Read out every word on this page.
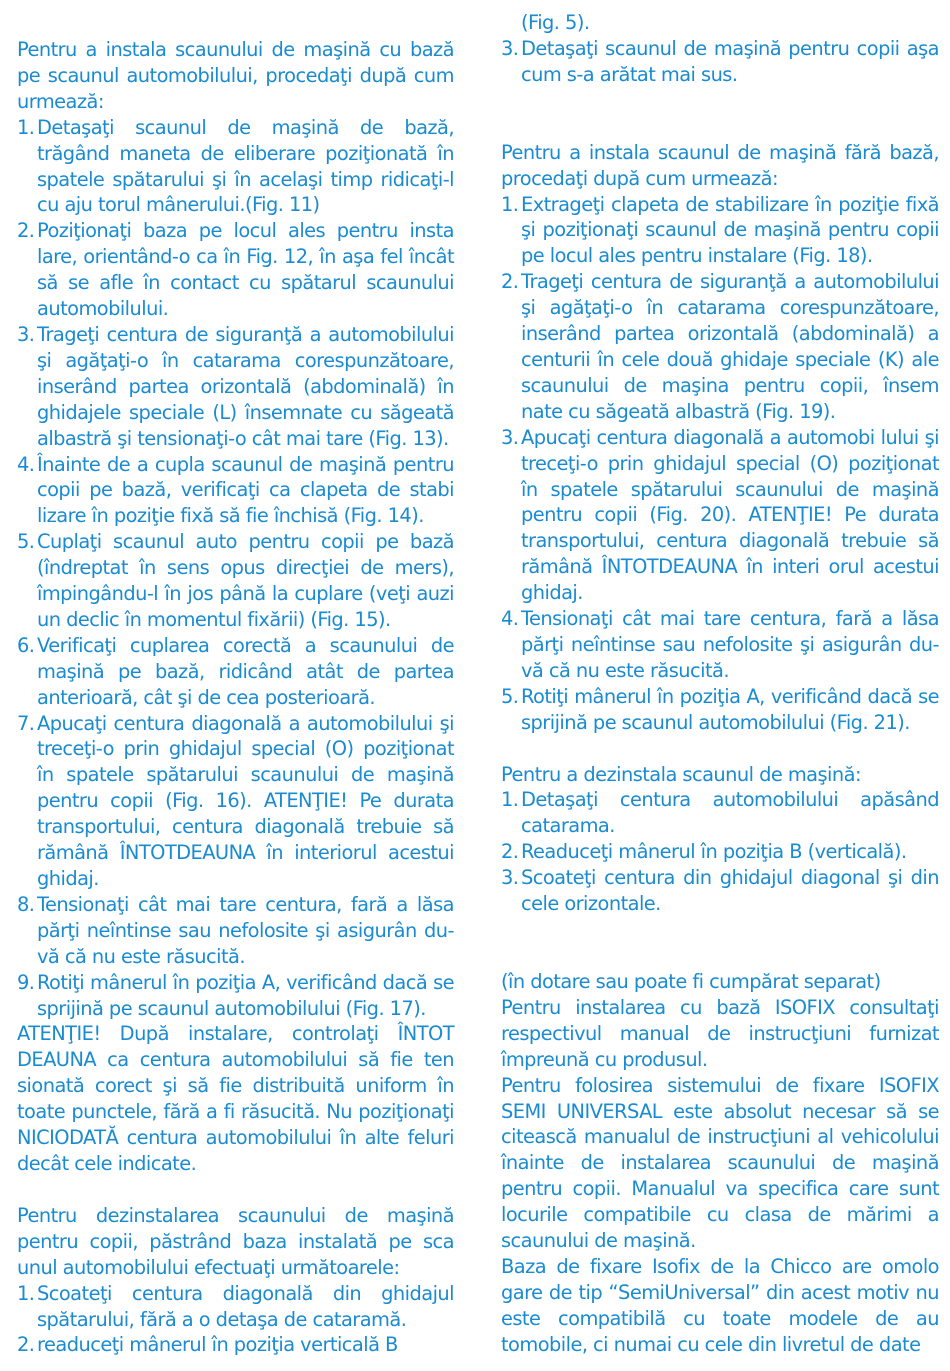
Pentru a instala scaunului de maşină cu bază pe scaunul automobilului, procedaţi după cum urmează:

1. Detaşaţi scaunul de maşină de bază, trăgând maneta de eliberare poziţionată în spatele spătarului şi în acelaşi timp ridicaţi-l cu aju torul mânerului.(Fig. 11)
2. Poziţionaţi baza pe locul ales pentru insta lare, orientând-o ca în Fig. 12, în aşa fel încât să se afle în contact cu spătarul scaunului automobilului.
3. Trageţi centura de siguranţă a automobilului şi agăţaţi-o în catarama corespunzătoare, inserând partea orizontală (abdominală) în ghidajele speciale (L) însemnate cu săgeată albastră şi tensionaţi-o cât mai tare (Fig. 13).
4. Înainte de a cupla scaunul de maşină pentru copii pe bază, verificaţi ca clapeta de stabi lizare în poziţie fixă să fie închisă (Fig. 14).
5. Cuplaţi scaunul auto pentru copii pe bază (îndreptat în sens opus direcţiei de mers), împingându-l în jos până la cuplare (veţi auzi un declic în momentul fixării) (Fig. 15).
6. Verificaţi cuplarea corectă a scaunului de maşină pe bază, ridicând atât de partea anterioară, cât şi de cea posterioară.
7. Apucaţi centura diagonală a automobilului şi treceţi-o prin ghidajul special (O) poziţionat în spatele spătarului scaunului de maşină pentru copii (Fig. 16). ATENŢIE! Pe durata transportului, centura diagonală trebuie să rămână ÎNTOTDEAUNA în interiorul acestui ghidaj.
8. Tensionaţi cât mai tare centura, fară a lăsa părţi neîntinse sau nefolosite şi asigurân du-vă că nu este răsucită.
9. Rotiţi mânerul în poziţia A, verificând dacă se sprijină pe scaunul automobilului (Fig. 17).

ATENŢIE! După instalare, controlaţi ÎNTOT DEAUNA ca centura automobilului să fie ten sionată corect şi să fie distribuită uniform în toate punctele, fără a fi răsucită. Nu poziţionaţi NICIODATĂ centura automobilului în alte feluri decât cele indicate.

Pentru dezinstalarea scaunului de maşină pentru copii, păstrând baza instalată pe sca unul automobilului efectuaţi următoarele:

1. Scoateţi centura diagonală din ghidajul spătarului, fără a o detaşa de cataramă.
2. readuceţi mânerul în poziţia verticală B

(Fig. 5).

3. Detaşaţi scaunul de maşină pentru copii aşa cum s-a arătat mai sus.

Pentru a instala scaunul de maşină fără bază, procedaţi după cum urmează:

1. Extrageţi clapeta de stabilizare în poziţie fixă şi poziţionaţi scaunul de maşină pentru copii pe locul ales pentru instalare (Fig. 18).
2. Trageţi centura de siguranţă a automobilului şi agăţaţi-o în catarama corespunzătoare, inserând partea orizontală (abdominală) a centurii în cele două ghidaje speciale (K) ale scaunului de maşina pentru copii, însem nate cu săgeată albastră (Fig. 19).
3. Apucaţi centura diagonală a automobi lului şi treceţi-o prin ghidajul special (O) poziţionat în spatele spătarului scaunului de maşină pentru copii (Fig. 20). ATENŢIE! Pe durata transportului, centura diagonală trebuie să rămână ÎNTOTDEAUNA în interi orul acestui ghidaj.
4. Tensionaţi cât mai tare centura, fară a lăsa părţi neîntinse sau nefolosite şi asigurân du-vă că nu este răsucită.
5. Rotiţi mânerul în poziţia A, verificând dacă se sprijină pe scaunul automobilului (Fig. 21).

Pentru a dezinstala scaunul de maşină:

1. Detaşaţi centura automobilului apăsând catarama.
2. Readuceţi mânerul în poziţia B (verticală).
3. Scoateţi centura din ghidajul diagonal şi din cele orizontale.

(în dotare sau poate fi cumpărat separat)

Pentru instalarea cu bază ISOFIX consultaţi respectivul manual de instrucţiuni furnizat împreună cu produsul.

Pentru folosirea sistemului de fixare ISOFIX SEMI UNIVERSAL este absolut necesar să se citească manualul de instrucţiuni al vehicolului înainte de instalarea scaunului de maşină pentru copii. Manualul va specifica care sunt locurile compatibile cu clasa de mărimi a scaunului de maşină.

Baza de fixare Isofix de la Chicco are omolo gare de tip “SemiUniversal” din acest motiv nu este compatibilă cu toate modele de au tomobile, ci numai cu cele din livretul de date
